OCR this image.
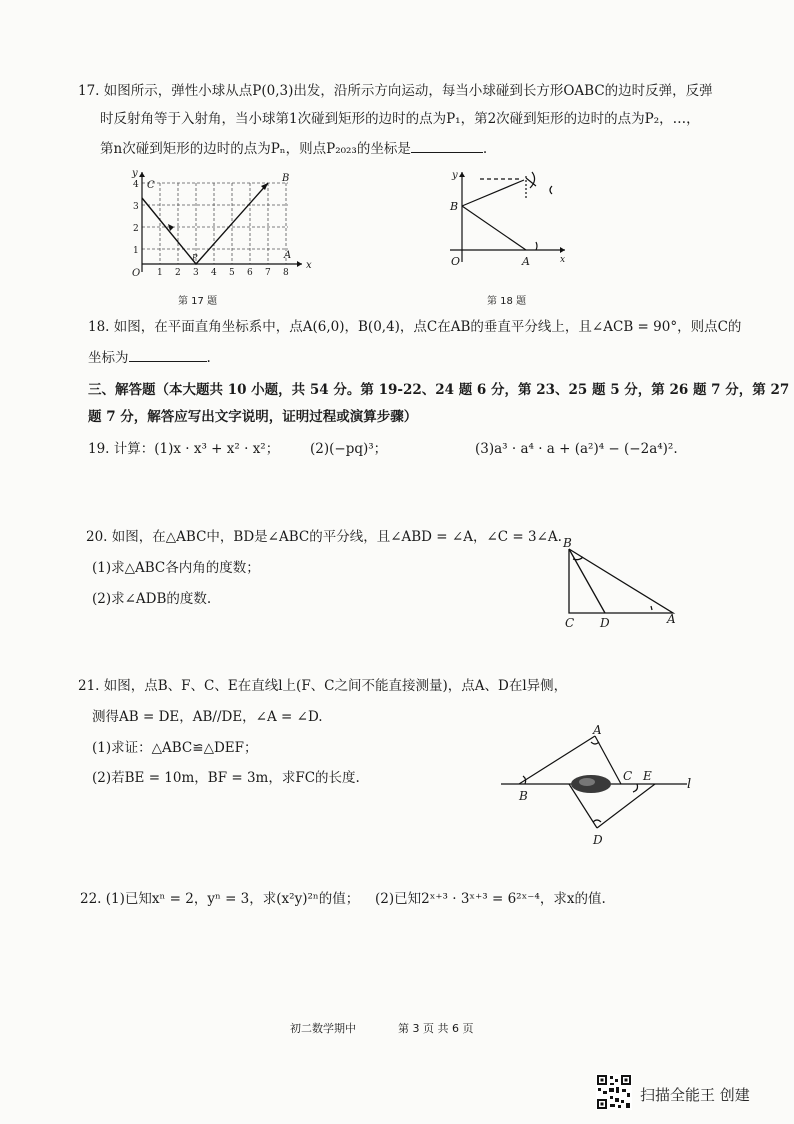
17. 如图所示，弹性小球从点P(0,3)出发，沿所示方向运动，每当小球碰到长方形OABC的边时反弹，反弹
时反射角等于入射角，当小球第1次碰到矩形的边时的点为P₁，第2次碰到矩形的边时的点为P₂，…，
第n次碰到矩形的边时的点为Pₙ，则点P₂₀₂₃的坐标是	.
y
x
O
C
B
A
P
1
2
3
4
1 2 3 4 5 6 7 8
第 17 题
y
x
O
B
A
第 18 题
18. 如图，在平面直角坐标系中，点A(6,0)，B(0,4)，点C在AB的垂直平分线上，且∠ACB = 90°，则点C的
坐标为	.
三、解答题（本大题共 10 小题，共 54 分。第 19-22、24 题 6 分，第 23、25 题 5 分，第 26 题 7 分，第 27
题 7 分，解答应写出文字说明，证明过程或演算步骤）
19. 计算：(1)x · x³ + x² · x²； (2)(−pq)³；	(3)a³ · a⁴ · a + (a²)⁴ − (−2a⁴)².
20. 如图，在△ABC中，BD是∠ABC的平分线，且∠ABD = ∠A，∠C = 3∠A.
(1)求△ABC各内角的度数；
(2)求∠ADB的度数.
B
C D	A
21. 如图，点B、F、C、E在直线l上(F、C之间不能直接测量)，点A、D在l异侧，
测得AB = DE，AB//DE，∠A = ∠D.
(1)求证：△ABC≌△DEF；
(2)若BE = 10m，BF = 3m，求FC的长度.
A
B
C E
l
D
22. (1)已知xⁿ = 2，yⁿ = 3，求(x²y)²ⁿ的值； (2)已知2ˣ⁺³ · 3ˣ⁺³ = 6²ˣ⁻⁴，求x的值.
初二数学期中	第 3 页 共 6 页
扫描全能王 创建
